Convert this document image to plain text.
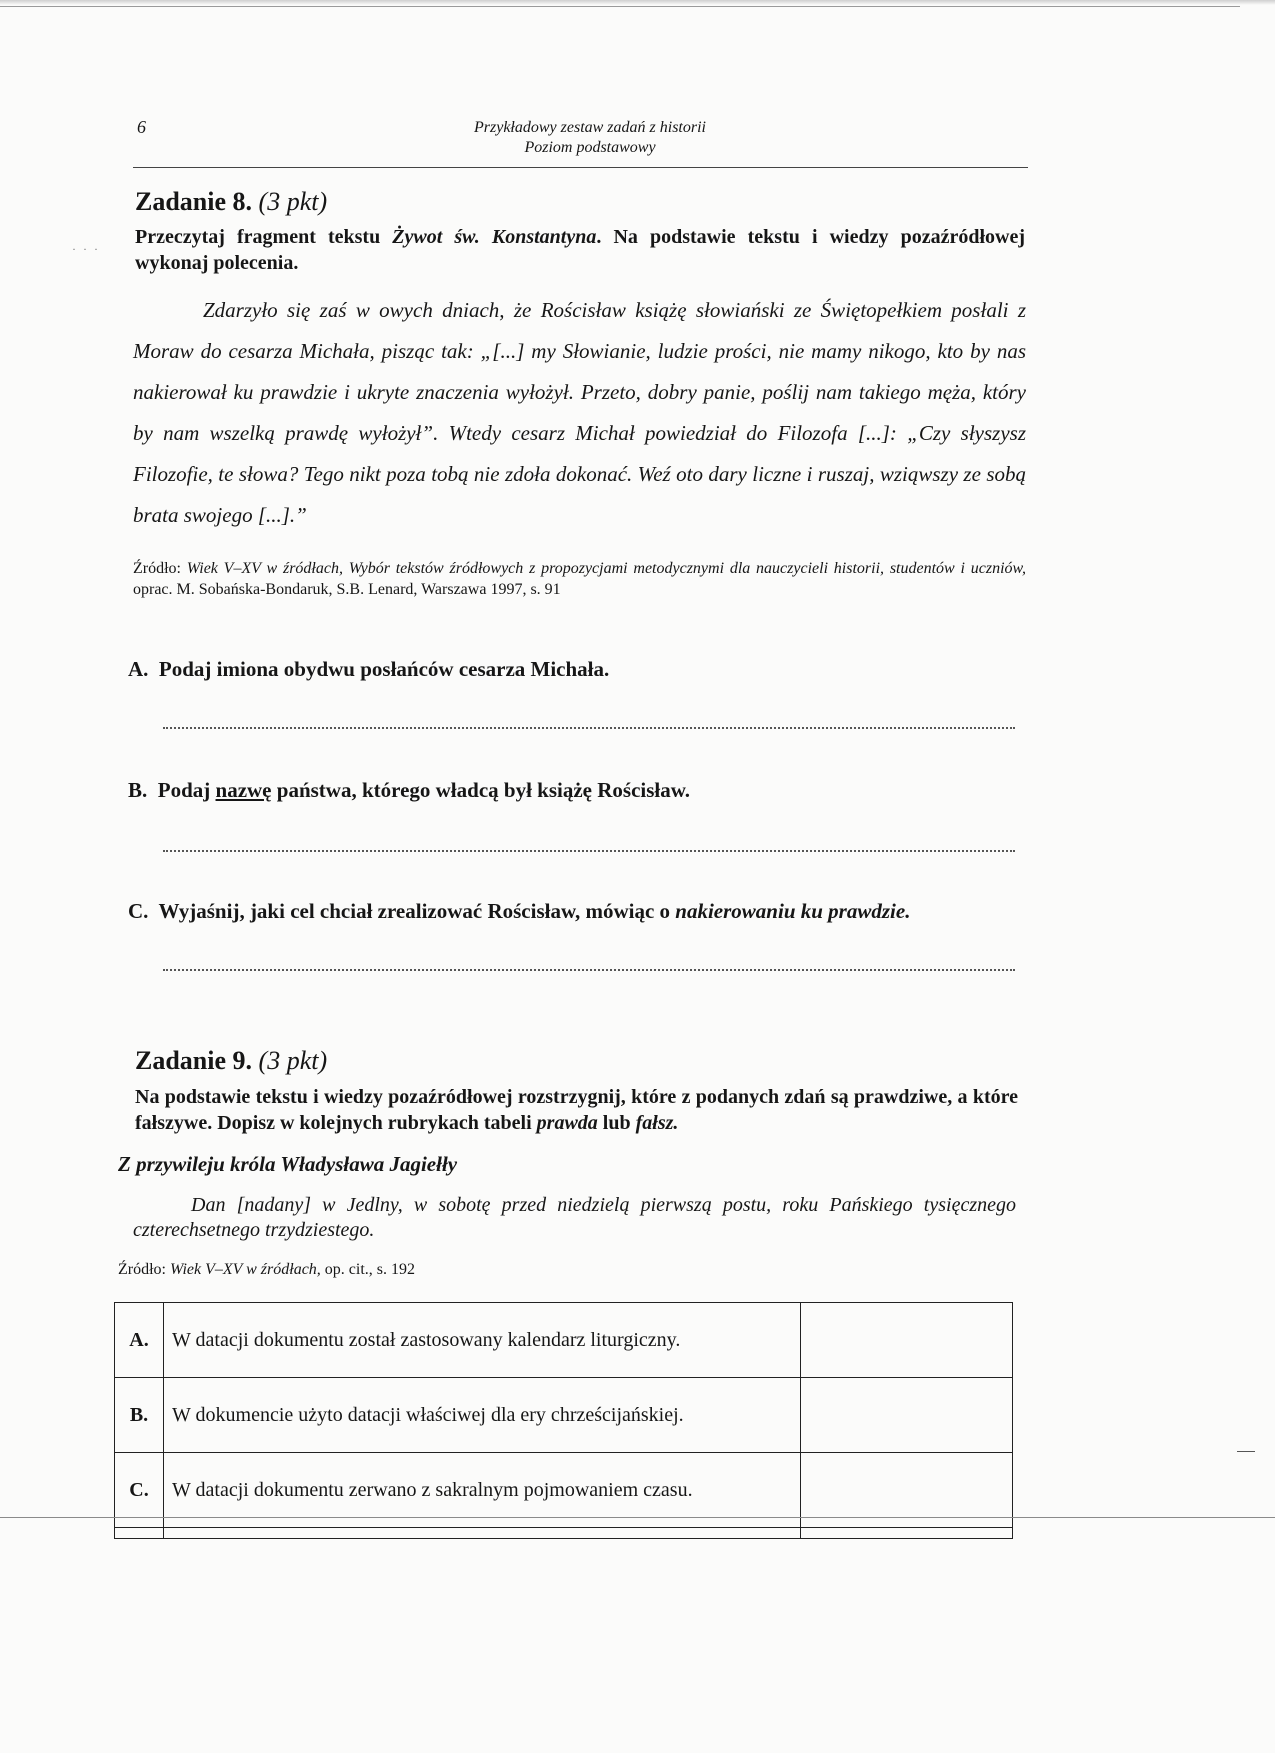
· · ·
6	Przykładowy zestaw zadań z historii
Poziom podstawowy
Zadanie 8. (3 pkt)
Przeczytaj fragment tekstu Żywot św. Konstantyna. Na podstawie tekstu i wiedzy pozaźródłowej wykonaj polecenia.
Zdarzyło się zaś w owych dniach, że Rościsław książę słowiański ze Świętopełkiem posłali z Moraw do cesarza Michała, pisząc tak: „[...] my Słowianie, ludzie prości, nie mamy nikogo, kto by nas nakierował ku prawdzie i ukryte znaczenia wyłożył. Przeto, dobry panie, poślij nam takiego męża, który by nam wszelką prawdę wyłożył”. Wtedy cesarz Michał powiedział do Filozofa [...]: „Czy słyszysz Filozofie, te słowa? Tego nikt poza tobą nie zdoła dokonać. Weź oto dary liczne i ruszaj, wziąwszy ze sobą brata swojego [...].”
Źródło: Wiek V–XV w źródłach, Wybór tekstów źródłowych z propozycjami metodycznymi dla nauczycieli historii, studentów i uczniów, oprac. M. Sobańska-Bondaruk, S.B. Lenard, Warszawa 1997, s. 91
A. Podaj imiona obydwu posłańców cesarza Michała.
B. Podaj nazwę państwa, którego władcą był książę Rościsław.
C. Wyjaśnij, jaki cel chciał zrealizować Rościsław, mówiąc o nakierowaniu ku prawdzie.
Zadanie 9. (3 pkt)
Na podstawie tekstu i wiedzy pozaźródłowej rozstrzygnij, które z podanych zdań są prawdziwe, a które fałszywe. Dopisz w kolejnych rubrykach tabeli prawda lub fałsz.
Z przywileju króla Władysława Jagiełły
Dan [nadany] w Jedlny, w sobotę przed niedzielą pierwszą postu, roku Pańskiego tysięcznego czterechsetnego trzydziestego.
Źródło: Wiek V–XV w źródłach, op. cit., s. 192
A.	W datacji dokumentu został zastosowany kalendarz liturgiczny.	
B.	W dokumencie użyto datacji właściwej dla ery chrześcijańskiej.	
C.	W datacji dokumentu zerwano z sakralnym pojmowaniem czasu.	
